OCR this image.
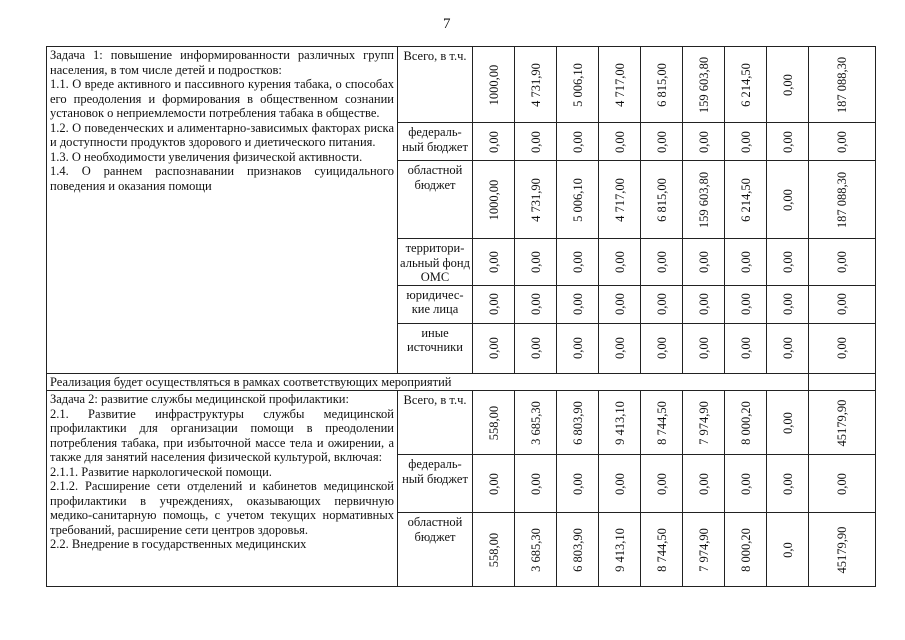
7
Задача 1: повышение информированности различных групп населения, в том числе детей и подростков:
1.1. О вреде активного и пассивного курения табака, о способах его преодоления и формирования в общественном сознании установок о неприемлемости потребления табака в обществе.
1.2. О поведенческих и алиментарно-зависимых факторах риска и доступности продуктов здорового и диетического питания.
1.3. О необходимости увеличения физической активности.
1.4. О раннем распознавании признаков суицидального поведения и оказания помощи	Всего, в т.ч.	1000,00	4 731,90	5 006,10	4 717,00	6 815,00	159 603,80	6 214,50	0,00	187 088,30

	федераль-ный бюджет	0,00	0,00	0,00	0,00	0,00	0,00	0,00	0,00	0,00

	областной бюджет	1000,00	4 731,90	5 006,10	4 717,00	6 815,00	159 603,80	6 214,50	0,00	187 088,30

	территори-альный фонд ОМС	0,00	0,00	0,00	0,00	0,00	0,00	0,00	0,00	0,00

	юридичес-кие лица	0,00	0,00	0,00	0,00	0,00	0,00	0,00	0,00	0,00

	иные источники	0,00	0,00	0,00	0,00	0,00	0,00	0,00	0,00	0,00

Реализация будет осуществляться в рамках соответствующих мероприятий										

Задача 2: развитие службы медицинской профилактики:
2.1. Развитие инфраструктуры службы медицинской профилактики для организации помощи в преодолении потребления табака, при избыточной массе тела и ожирении, а также для занятий населения физической культурой, включая:
2.1.1. Развитие наркологической помощи.
2.1.2. Расширение сети отделений и кабинетов медицинской профилактики в учреждениях, оказывающих первичную медико-санитарную помощь, с учетом текущих нормативных требований, расширение сети центров здоровья.
2.2. Внедрение в государственных медицинских	Всего, в т.ч.	558,00	3 685,30	6 803,90	9 413,10	8 744,50	7 974,90	8 000,20	0,00	45179,90

	федераль-ный бюджет	0,00	0,00	0,00	0,00	0,00	0,00	0,00	0,00	0,00

	областной бюджет	558,00	3 685,30	6 803,90	9 413,10	8 744,50	7 974,90	8 000,20	0,0	45179,90
